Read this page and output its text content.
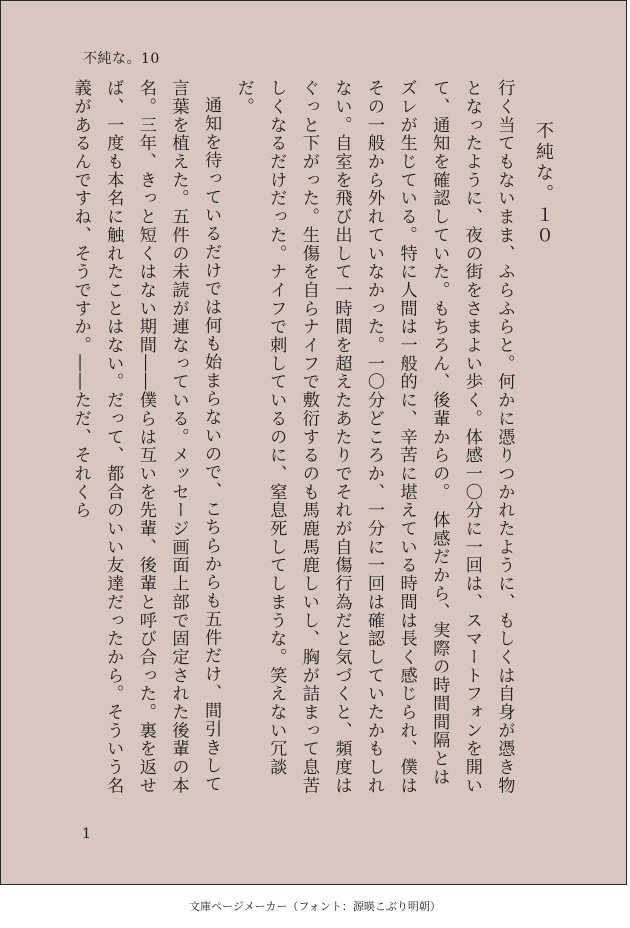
不純な。10

不純な。１０

行く当てもないまま、ふらふらと。何かに憑りつかれたように、もしくは自身が憑き物となったように、夜の街をさまよい歩く。体感一〇分に一回は、スマートフォンを開いて、通知を確認していた。もちろん、後輩からの。　体感だから、実際の時間間隔とはズレが生じている。特に人間は一般的に、辛苦に堪えている時間は長く感じられ、僕はその一般から外れていなかった。一〇分どころか、一分に一回は確認していたかもしれない。自室を飛び出して一時間を超えたあたりでそれが自傷行為だと気づくと、頻度はぐっと下がった。生傷を自らナイフで敷衍するのも馬鹿馬鹿しいし、胸が詰まって息苦しくなるだけだった。ナイフで刺しているのに、窒息死してしまうな。笑えない冗談だ。

通知を待っているだけでは何も始まらないので、こちらからも五件だけ、間引きして言葉を植えた。五件の未読が連なっている。メッセージ画面上部で固定された後輩の本名。三年、きっと短くはない期間――僕らは互いを先輩、後輩と呼び合った。裏を返せば、一度も本名に触れたことはない。だって、都合のいい友達だったから。そういう名義があるんですね、そうですか。――ただ、それくら

1
文庫ページメーカー（フォント：源暎こぶり明朝）
